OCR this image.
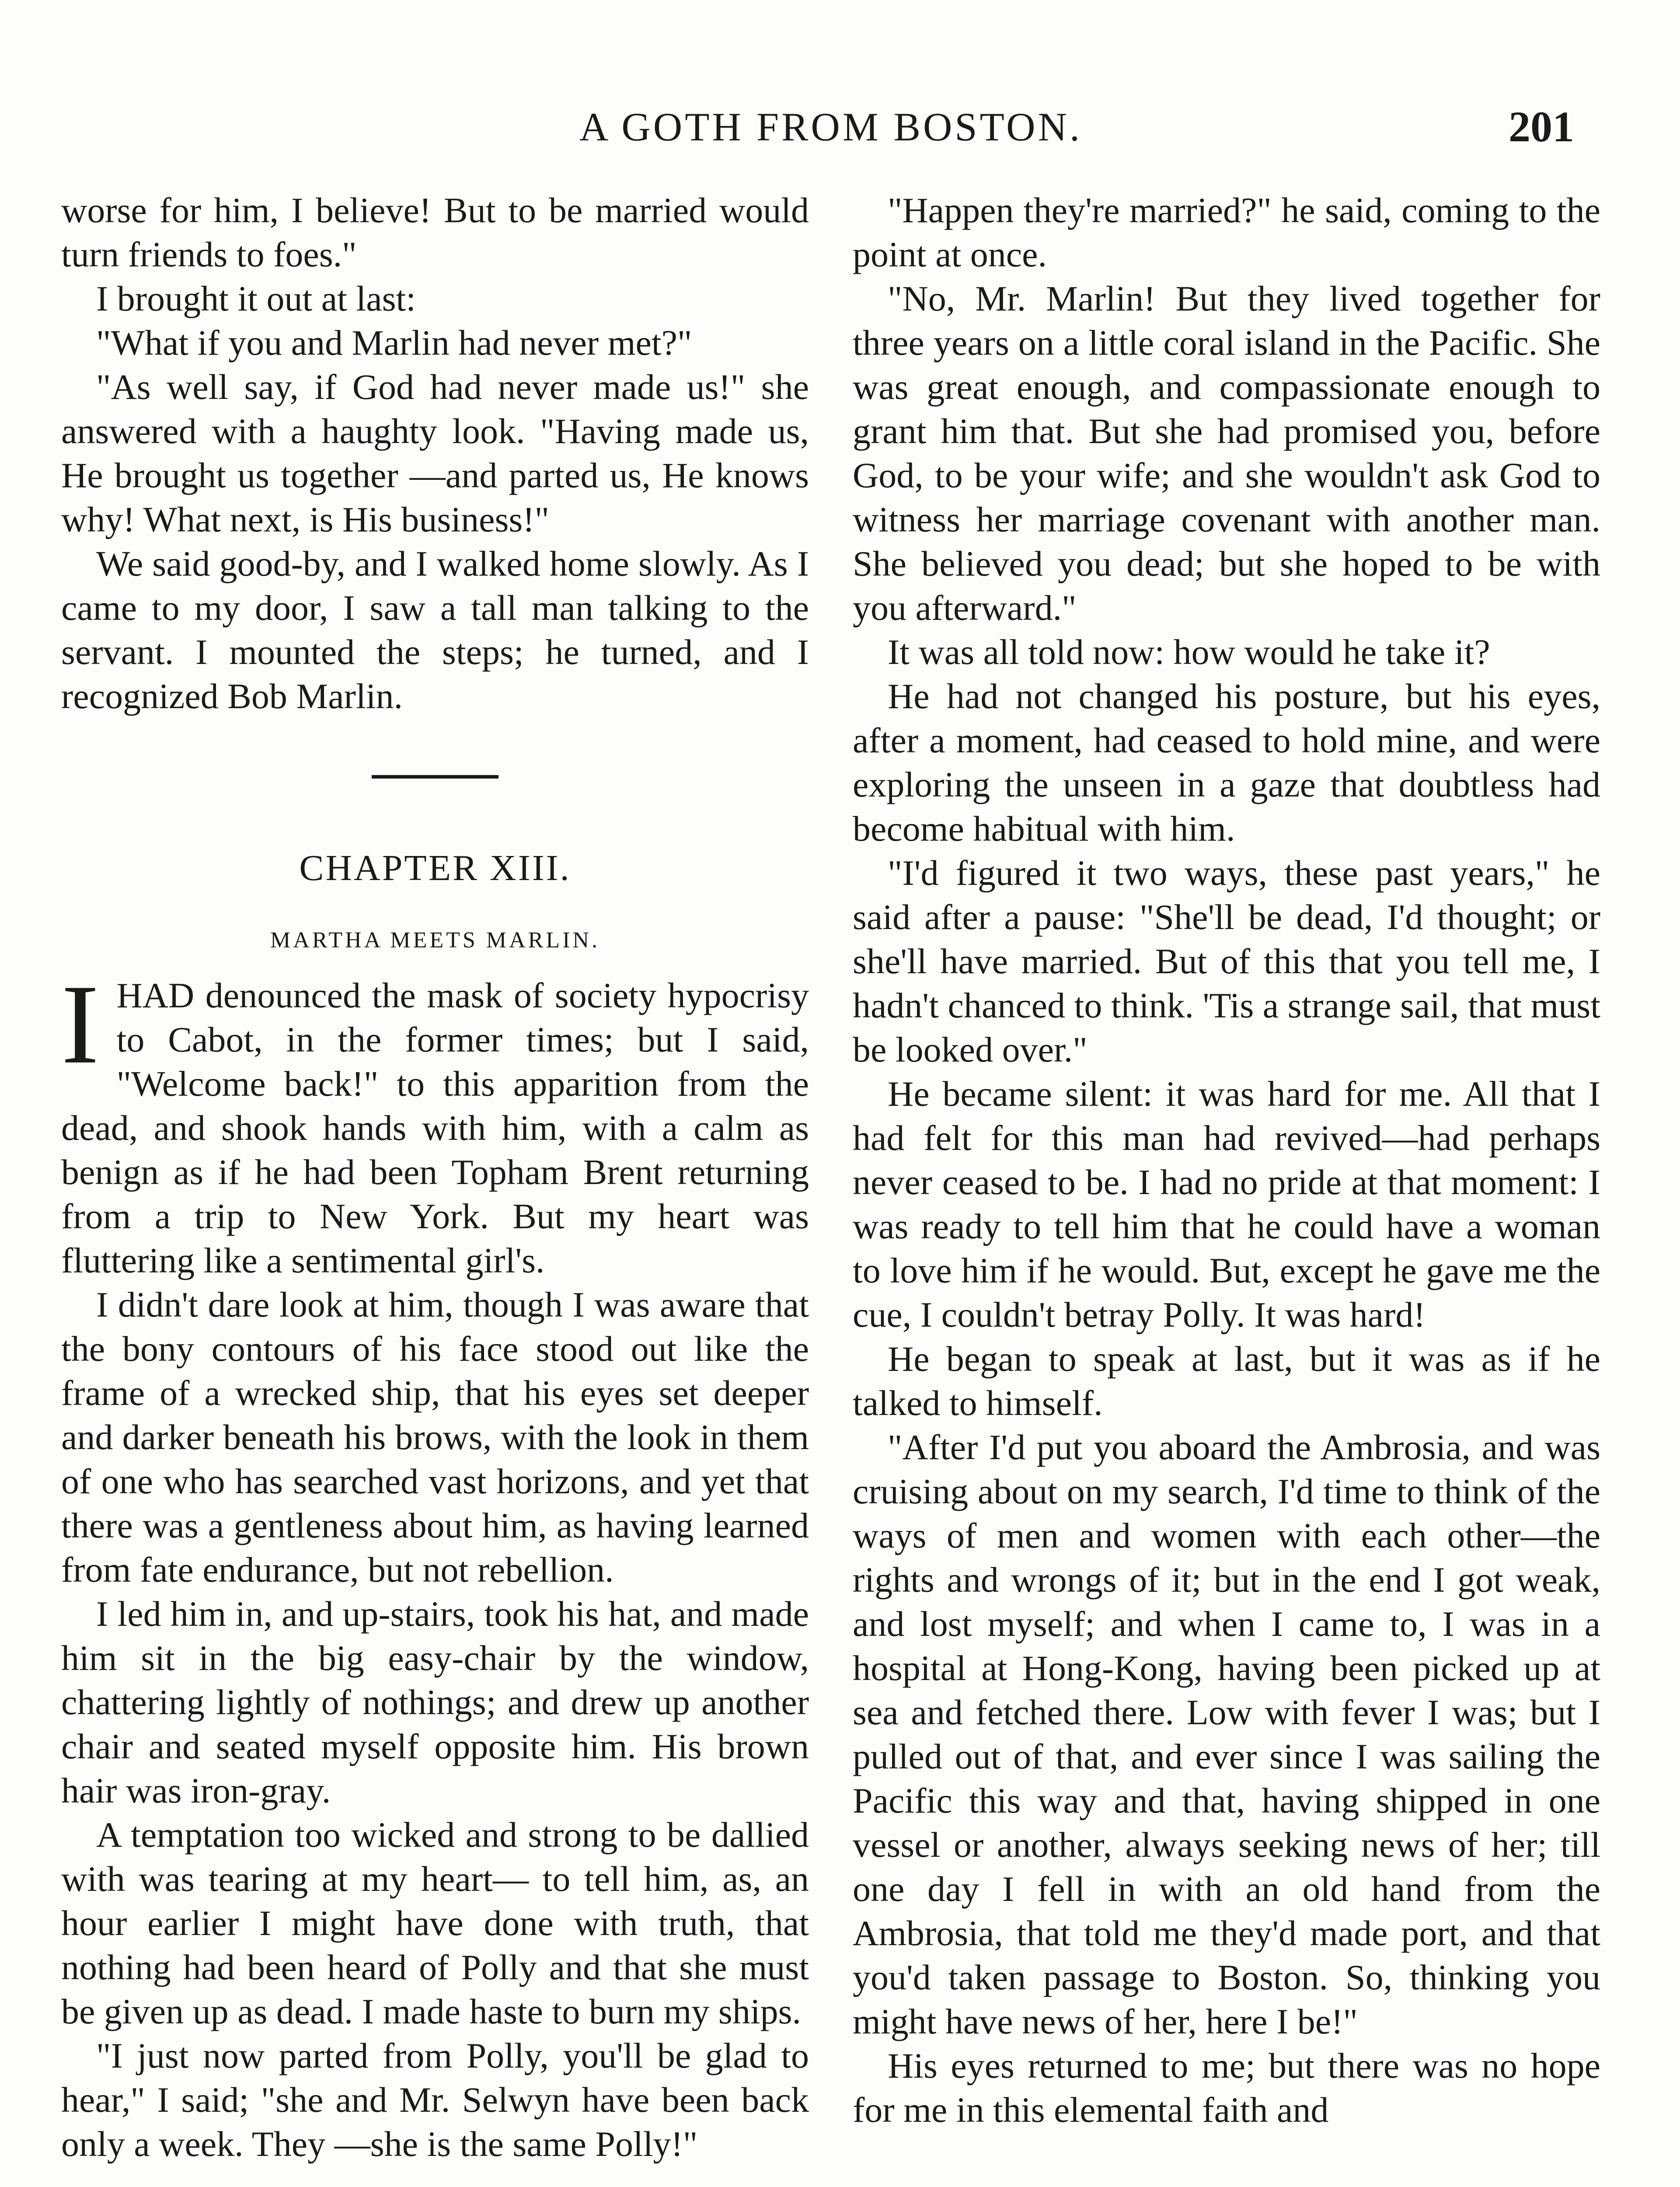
A GOTH FROM BOSTON.	201

worse for him, I believe! But to be married would turn friends to foes."

I brought it out at last:

"What if you and Marlin had never met?"

"As well say, if God had never made us!" she answered with a haughty look. "Having made us, He brought us together —and parted us, He knows why! What next, is His business!"

We said good-by, and I walked home slowly. As I came to my door, I saw a tall man talking to the servant. I mounted the steps; he turned, and I recognized Bob Marlin.

CHAPTER XIII.
MARTHA MEETS MARLIN.

IHAD denounced the mask of society hypocrisy to Cabot, in the former times; but I said, "Welcome back!" to this apparition from the dead, and shook hands with him, with a calm as benign as if he had been Topham Brent returning from a trip to New York. But my heart was fluttering like a sentimental girl's.

I didn't dare look at him, though I was aware that the bony contours of his face stood out like the frame of a wrecked ship, that his eyes set deeper and darker beneath his brows, with the look in them of one who has searched vast horizons, and yet that there was a gentleness about him, as having learned from fate endurance, but not rebellion.

I led him in, and up-stairs, took his hat, and made him sit in the big easy-chair by the window, chattering lightly of nothings; and drew up another chair and seated myself opposite him. His brown hair was iron-gray.

A temptation too wicked and strong to be dallied with was tearing at my heart— to tell him, as, an hour earlier I might have done with truth, that nothing had been heard of Polly and that she must be given up as dead. I made haste to burn my ships.

"I just now parted from Polly, you'll be glad to hear," I said; "she and Mr. Selwyn have been back only a week. They —she is the same Polly!"

"Happen they're married?" he said, coming to the point at once.

"No, Mr. Marlin! But they lived together for three years on a little coral island in the Pacific. She was great enough, and compassionate enough to grant him that. But she had promised you, before God, to be your wife; and she wouldn't ask God to witness her marriage covenant with another man. She believed you dead; but she hoped to be with you afterward."

It was all told now: how would he take it?

He had not changed his posture, but his eyes, after a moment, had ceased to hold mine, and were exploring the unseen in a gaze that doubtless had become habitual with him.

"I'd figured it two ways, these past years," he said after a pause: "She'll be dead, I'd thought; or she'll have married. But of this that you tell me, I hadn't chanced to think. 'Tis a strange sail, that must be looked over."

He became silent: it was hard for me. All that I had felt for this man had revived—had perhaps never ceased to be. I had no pride at that moment: I was ready to tell him that he could have a woman to love him if he would. But, except he gave me the cue, I couldn't betray Polly. It was hard!

He began to speak at last, but it was as if he talked to himself.

"After I'd put you aboard the Ambrosia, and was cruising about on my search, I'd time to think of the ways of men and women with each other—the rights and wrongs of it; but in the end I got weak, and lost myself; and when I came to, I was in a hospital at Hong-Kong, having been picked up at sea and fetched there. Low with fever I was; but I pulled out of that, and ever since I was sailing the Pacific this way and that, having shipped in one vessel or another, always seeking news of her; till one day I fell in with an old hand from the Ambrosia, that told me they'd made port, and that you'd taken passage to Boston. So, thinking you might have news of her, here I be!"

His eyes returned to me; but there was no hope for me in this elemental faith and
